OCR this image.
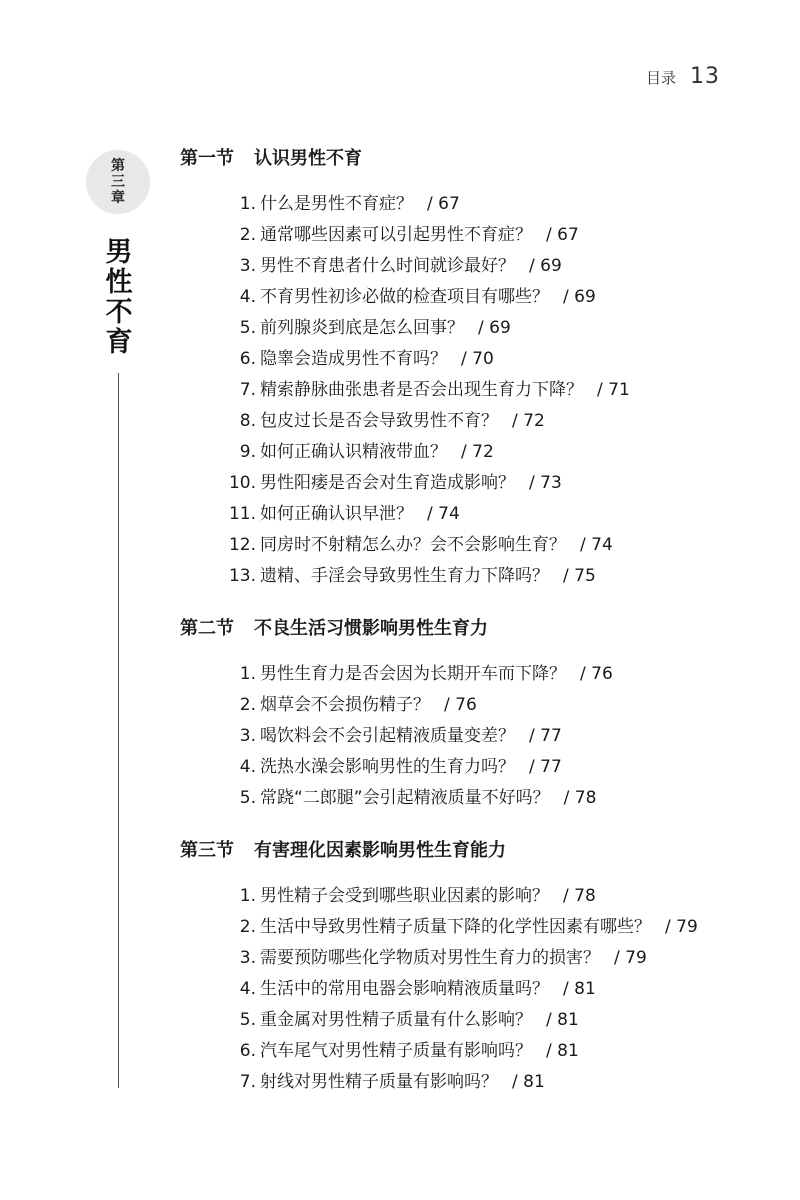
目录 13
第
三
章
男
性
不
育
第一节 认识男性不育
1. 什么是男性不育症？ / 67
2. 通常哪些因素可以引起男性不育症？ / 67
3. 男性不育患者什么时间就诊最好？ / 69
4. 不育男性初诊必做的检查项目有哪些？ / 69
5. 前列腺炎到底是怎么回事？ / 69
6. 隐睾会造成男性不育吗？ / 70
7. 精索静脉曲张患者是否会出现生育力下降？ / 71
8. 包皮过长是否会导致男性不育？ / 72
9. 如何正确认识精液带血？ / 72
10. 男性阳痿是否会对生育造成影响？ / 73
11. 如何正确认识早泄？ / 74
12. 同房时不射精怎么办？会不会影响生育？ / 74
13. 遗精、手淫会导致男性生育力下降吗？ / 75
第二节 不良生活习惯影响男性生育力
1. 男性生育力是否会因为长期开车而下降？ / 76
2. 烟草会不会损伤精子？ / 76
3. 喝饮料会不会引起精液质量变差？ / 77
4. 洗热水澡会影响男性的生育力吗？ / 77
5. 常跷“二郎腿”会引起精液质量不好吗？ / 78
第三节 有害理化因素影响男性生育能力
1. 男性精子会受到哪些职业因素的影响？ / 78
2. 生活中导致男性精子质量下降的化学性因素有哪些？ / 79
3. 需要预防哪些化学物质对男性生育力的损害？ / 79
4. 生活中的常用电器会影响精液质量吗？ / 81
5. 重金属对男性精子质量有什么影响？ / 81
6. 汽车尾气对男性精子质量有影响吗？ / 81
7. 射线对男性精子质量有影响吗？ / 81
